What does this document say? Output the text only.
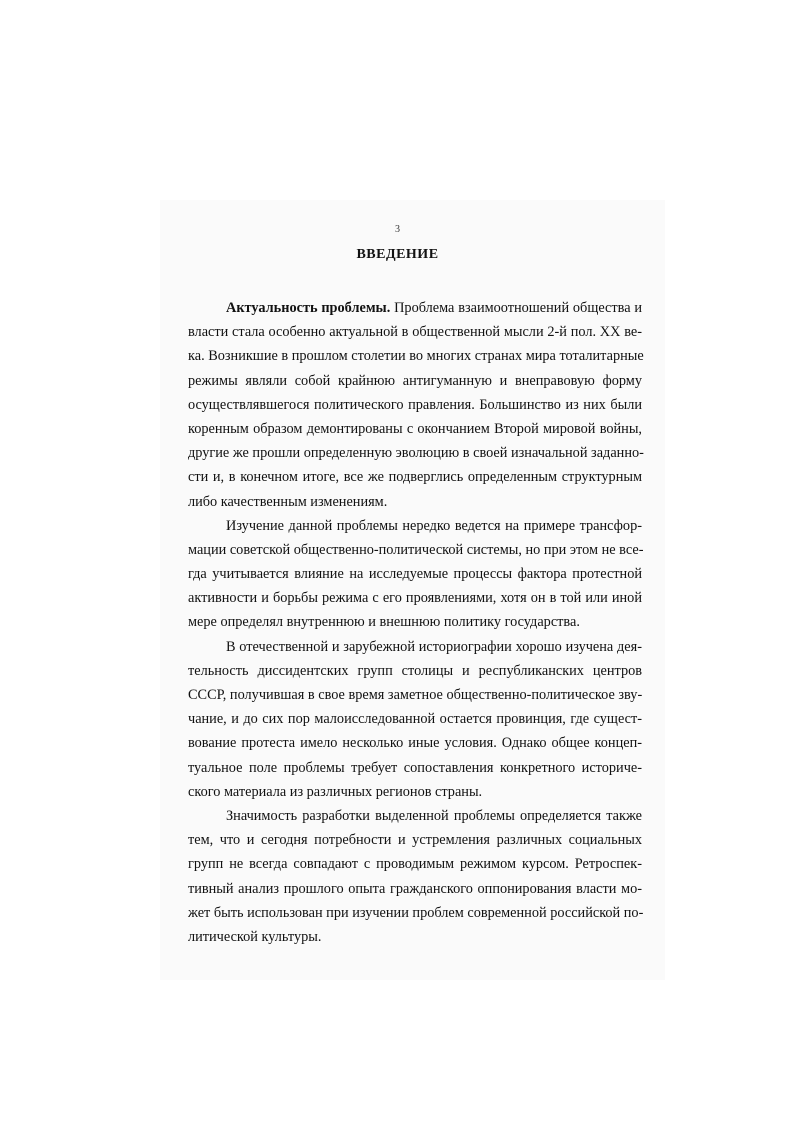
3
ВВЕДЕНИЕ
Актуальность проблемы. Проблема взаимоотношений общества и
власти стала особенно актуальной в общественной мысли 2-й пол. XX ве-
ка. Возникшие в прошлом столетии во многих странах мира тоталитарные
режимы являли собой крайнюю антигуманную и внеправовую форму
осуществлявшегося политического правления. Большинство из них были
коренным образом демонтированы с окончанием Второй мировой войны,
другие же прошли определенную эволюцию в своей изначальной заданно-
сти и, в конечном итоге, все же подверглись определенным структурным
либо качественным изменениям.
Изучение данной проблемы нередко ведется на примере трансфор-
мации советской общественно-политической системы, но при этом не все-
гда учитывается влияние на исследуемые процессы фактора протестной
активности и борьбы режима с его проявлениями, хотя он в той или иной
мере определял внутреннюю и внешнюю политику государства.
В отечественной и зарубежной историографии хорошо изучена дея-
тельность диссидентских групп столицы и республиканских центров
СССР, получившая в свое время заметное общественно-политическое зву-
чание, и до сих пор малоисследованной остается провинция, где сущест-
вование протеста имело несколько иные условия. Однако общее концеп-
туальное поле проблемы требует сопоставления конкретного историче-
ского материала из различных регионов страны.
Значимость разработки выделенной проблемы определяется также
тем, что и сегодня потребности и устремления различных социальных
групп не всегда совпадают с проводимым режимом курсом. Ретроспек-
тивный анализ прошлого опыта гражданского оппонирования власти мо-
жет быть использован при изучении проблем современной российской по-
литической культуры.
